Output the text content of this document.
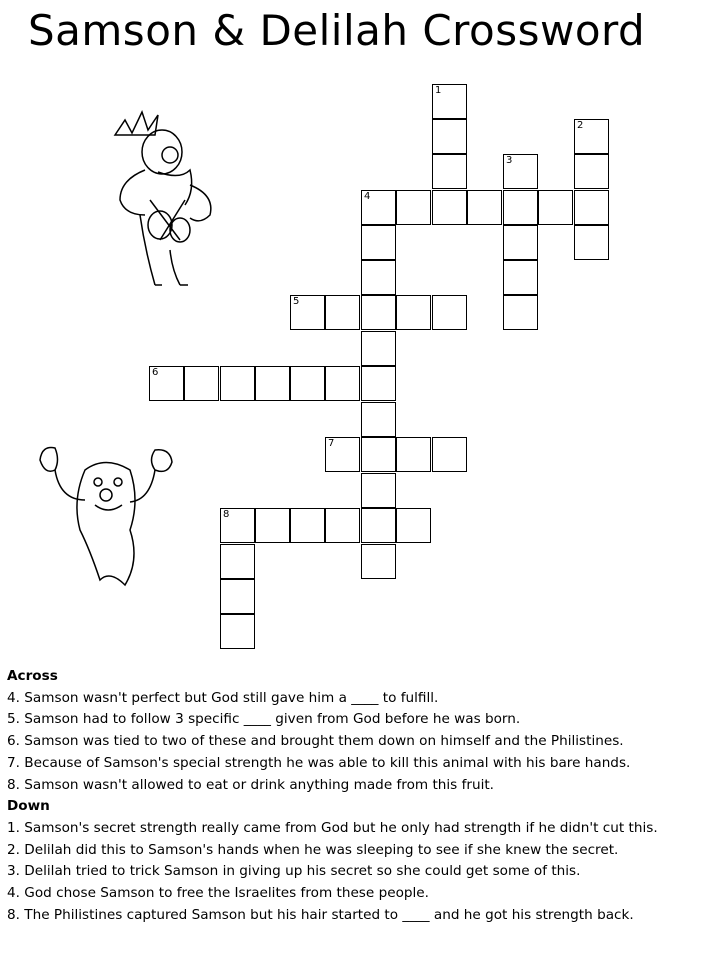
Samson & Delilah Crossword
1
2
3
4
5
6
7
8
Across
4. Samson wasn't perfect but God still gave him a ____ to fulfill.
5. Samson had to follow 3 specific ____ given from God before he was born.
6. Samson was tied to two of these and brought them down on himself and the Philistines.
7. Because of Samson's special strength he was able to kill this animal with his bare hands.
8. Samson wasn't allowed to eat or drink anything made from this fruit.
Down
1. Samson's secret strength really came from God but he only had strength if he didn't cut this.
2. Delilah did this to Samson's hands when he was sleeping to see if she knew the secret.
3. Delilah tried to trick Samson in giving up his secret so she could get some of this.
4. God chose Samson to free the Israelites from these people.
8. The Philistines captured Samson but his hair started to ____ and he got his strength back.
